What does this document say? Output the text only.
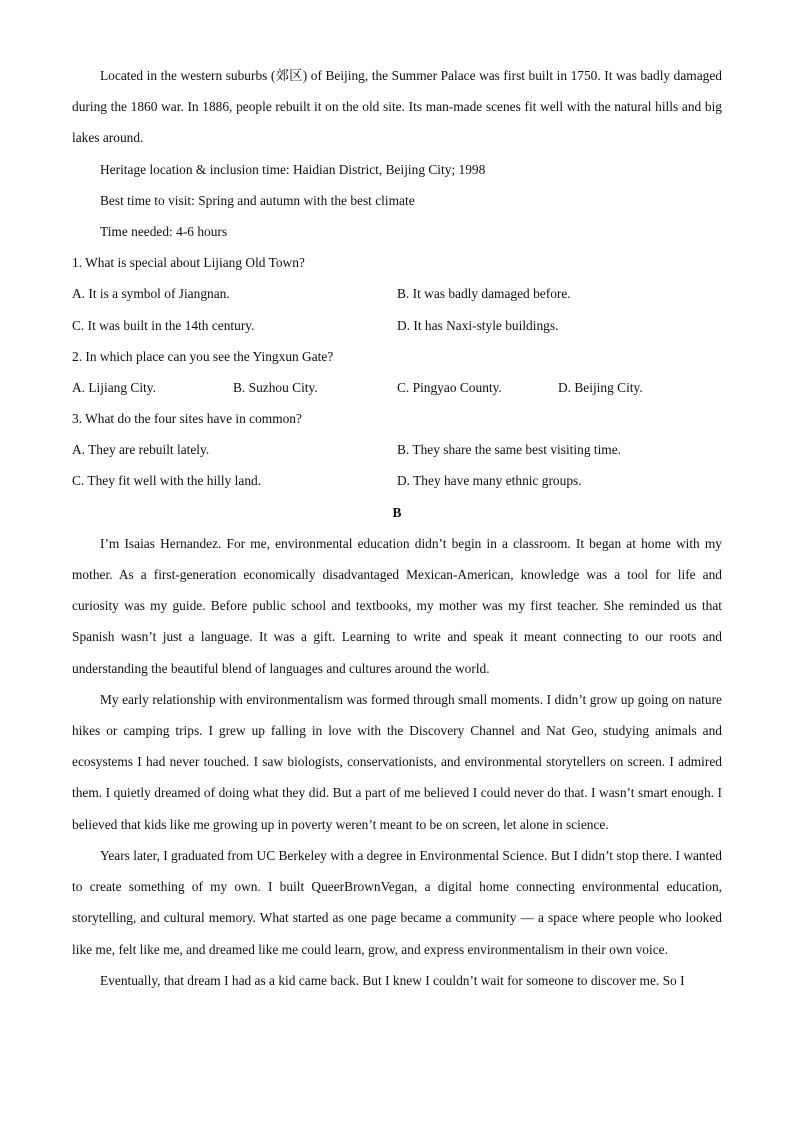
Located in the western suburbs (郊区) of Beijing, the Summer Palace was first built in 1750. It was badly damaged during the 1860 war. In 1886, people rebuilt it on the old site. Its man-made scenes fit well with the natural hills and big lakes around.
Heritage location & inclusion time: Haidian District, Beijing City; 1998
Best time to visit: Spring and autumn with the best climate
Time needed: 4-6 hours
1. What is special about Lijiang Old Town?
A. It is a symbol of Jiangnan.	B. It was badly damaged before.
C. It was built in the 14th century.	D. It has Naxi-style buildings.
2. In which place can you see the Yingxun Gate?
A. Lijiang City.	B. Suzhou City.	C. Pingyao County.	D. Beijing City.
3. What do the four sites have in common?
A. They are rebuilt lately.	B. They share the same best visiting time.
C. They fit well with the hilly land.	D. They have many ethnic groups.
B
I’m Isaias Hernandez. For me, environmental education didn’t begin in a classroom. It began at home with my mother. As a first-generation economically disadvantaged Mexican-American, knowledge was a tool for life and curiosity was my guide. Before public school and textbooks, my mother was my first teacher. She reminded us that Spanish wasn’t just a language. It was a gift. Learning to write and speak it meant connecting to our roots and understanding the beautiful blend of languages and cultures around the world.
My early relationship with environmentalism was formed through small moments. I didn’t grow up going on nature hikes or camping trips. I grew up falling in love with the Discovery Channel and Nat Geo, studying animals and ecosystems I had never touched. I saw biologists, conservationists, and environmental storytellers on screen. I admired them. I quietly dreamed of doing what they did. But a part of me believed I could never do that. I wasn’t smart enough. I believed that kids like me growing up in poverty weren’t meant to be on screen, let alone in science.
Years later, I graduated from UC Berkeley with a degree in Environmental Science. But I didn’t stop there. I wanted to create something of my own. I built QueerBrownVegan, a digital home connecting environmental education, storytelling, and cultural memory. What started as one page became a community — a space where people who looked like me, felt like me, and dreamed like me could learn, grow, and express environmentalism in their own voice.
Eventually, that dream I had as a kid came back. But I knew I couldn’t wait for someone to discover me. So I
